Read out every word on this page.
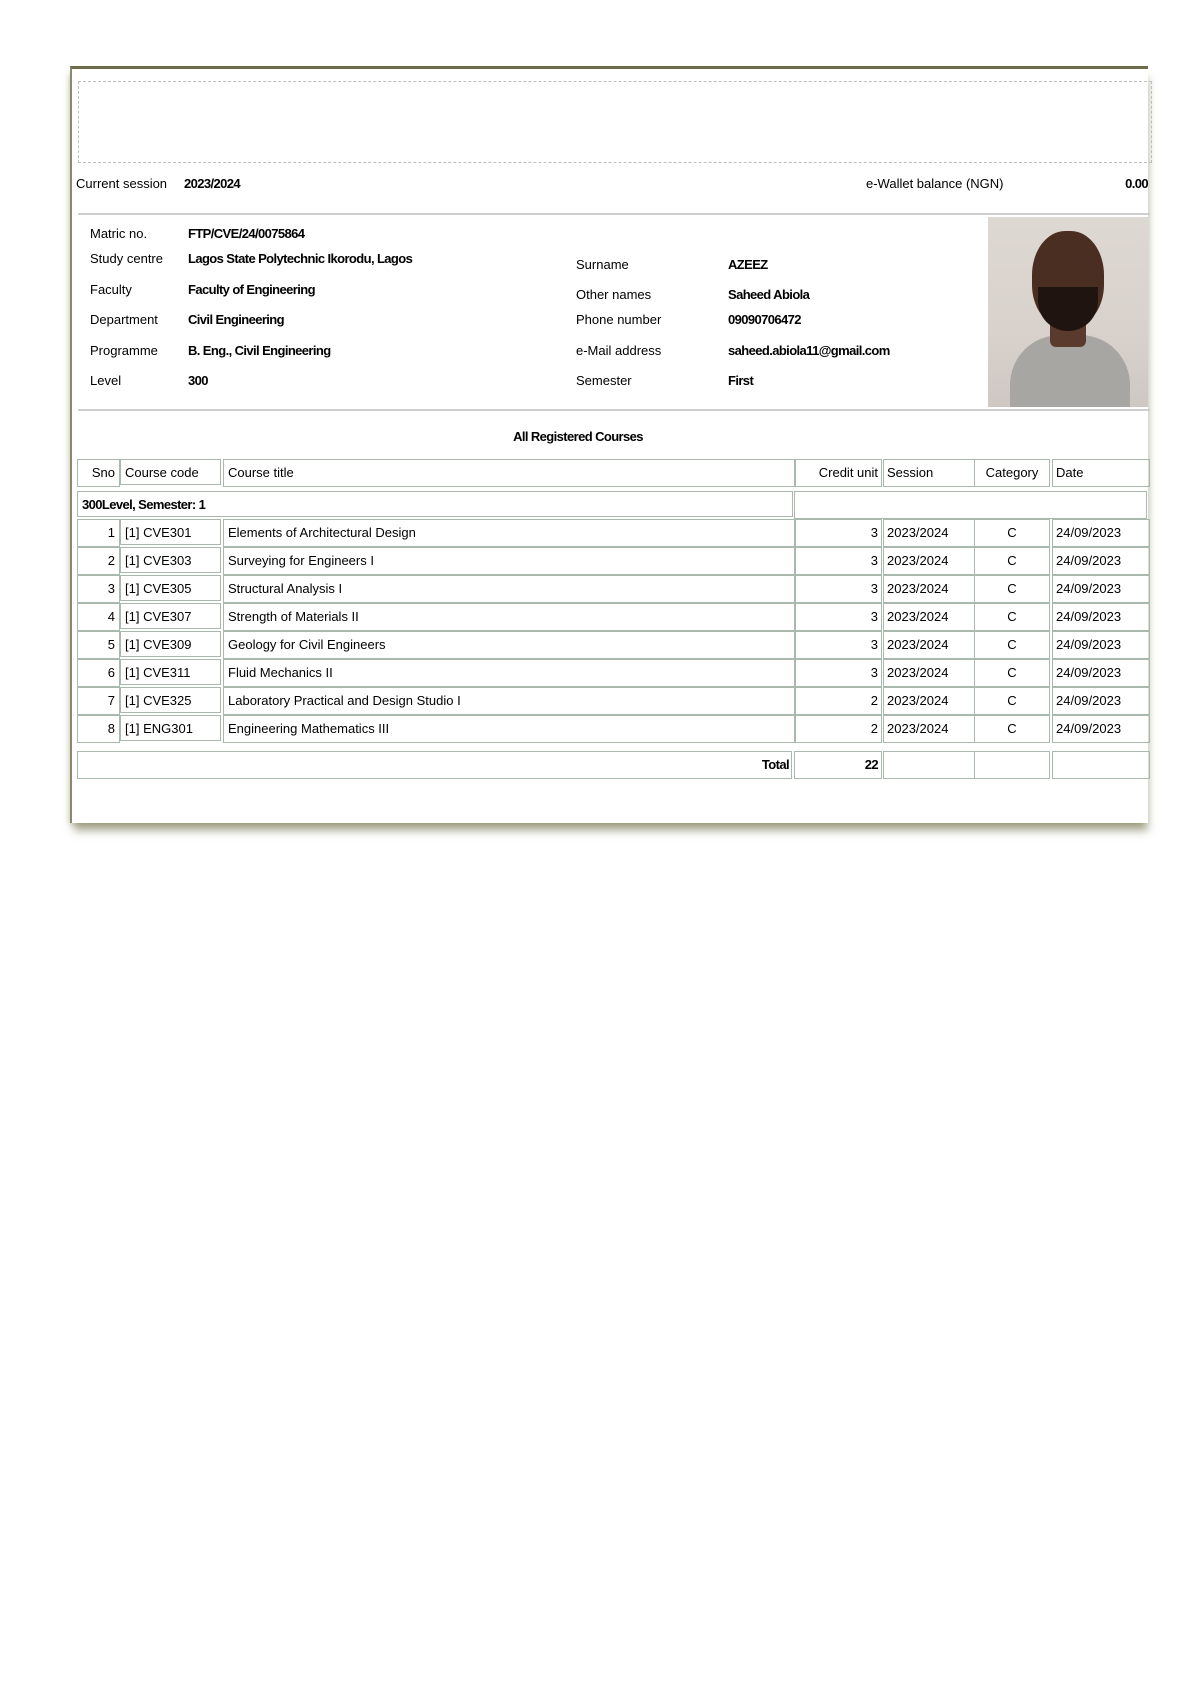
Current session 2023/2024	e-Wallet balance (NGN)	0.00
Matric no.	FTP/CVE/24/0075864
Study centre Lagos State Polytechnic Ikorodu, Lagos
Faculty	Faculty of Engineering
Department Civil Engineering
Programme B. Eng., Civil Engineering
Level	300
Surname	AZEEZ
Other names	Saheed Abiola
Phone number	09090706472
e-Mail address	saheed.abiola11@gmail.com
Semester	First
All Registered Courses
Sno Course code	Course title	Credit unit Session	Category	Date
300Level, Semester: 1
1 [1] CVE301	Elements of Architectural Design	3 2023/2024	C	24/09/2023
2 [1] CVE303	Surveying for Engineers I	3 2023/2024	C	24/09/2023
3 [1] CVE305	Structural Analysis I	3 2023/2024	C	24/09/2023
4 [1] CVE307	Strength of Materials II	3 2023/2024	C	24/09/2023
5 [1] CVE309	Geology for Civil Engineers	3 2023/2024	C	24/09/2023
6 [1] CVE311	Fluid Mechanics II	3 2023/2024	C	24/09/2023
7 [1] CVE325	Laboratory Practical and Design Studio I	2 2023/2024	C	24/09/2023
8 [1] ENG301	Engineering Mathematics III	2 2023/2024	C	24/09/2023
Total	22
